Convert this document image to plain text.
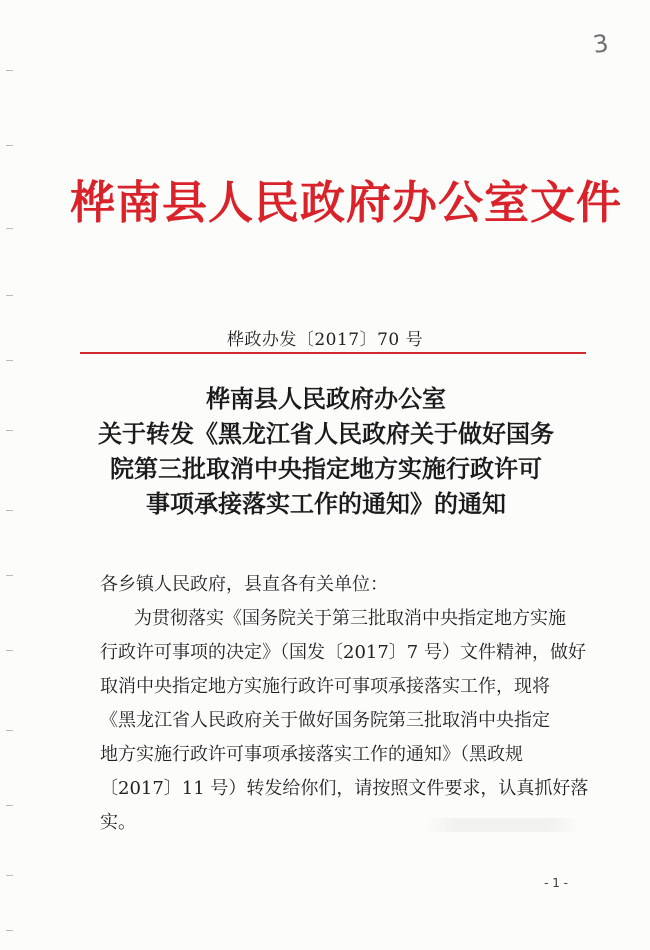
3
桦南县人民政府办公室文件
桦政办发〔2017〕70 号
桦南县人民政府办公室
关于转发《黑龙江省人民政府关于做好国务
院第三批取消中央指定地方实施行政许可
事项承接落实工作的通知》的通知
各乡镇人民政府，县直各有关单位：
为贯彻落实《国务院关于第三批取消中央指定地方实施
行政许可事项的决定》（国发〔2017〕7 号）文件精神，做好
取消中央指定地方实施行政许可事项承接落实工作，现将
《黑龙江省人民政府关于做好国务院第三批取消中央指定
地方实施行政许可事项承接落实工作的通知》（黑政规
〔2017〕11 号）转发给你们，请按照文件要求，认真抓好落
实。
- 1 -
